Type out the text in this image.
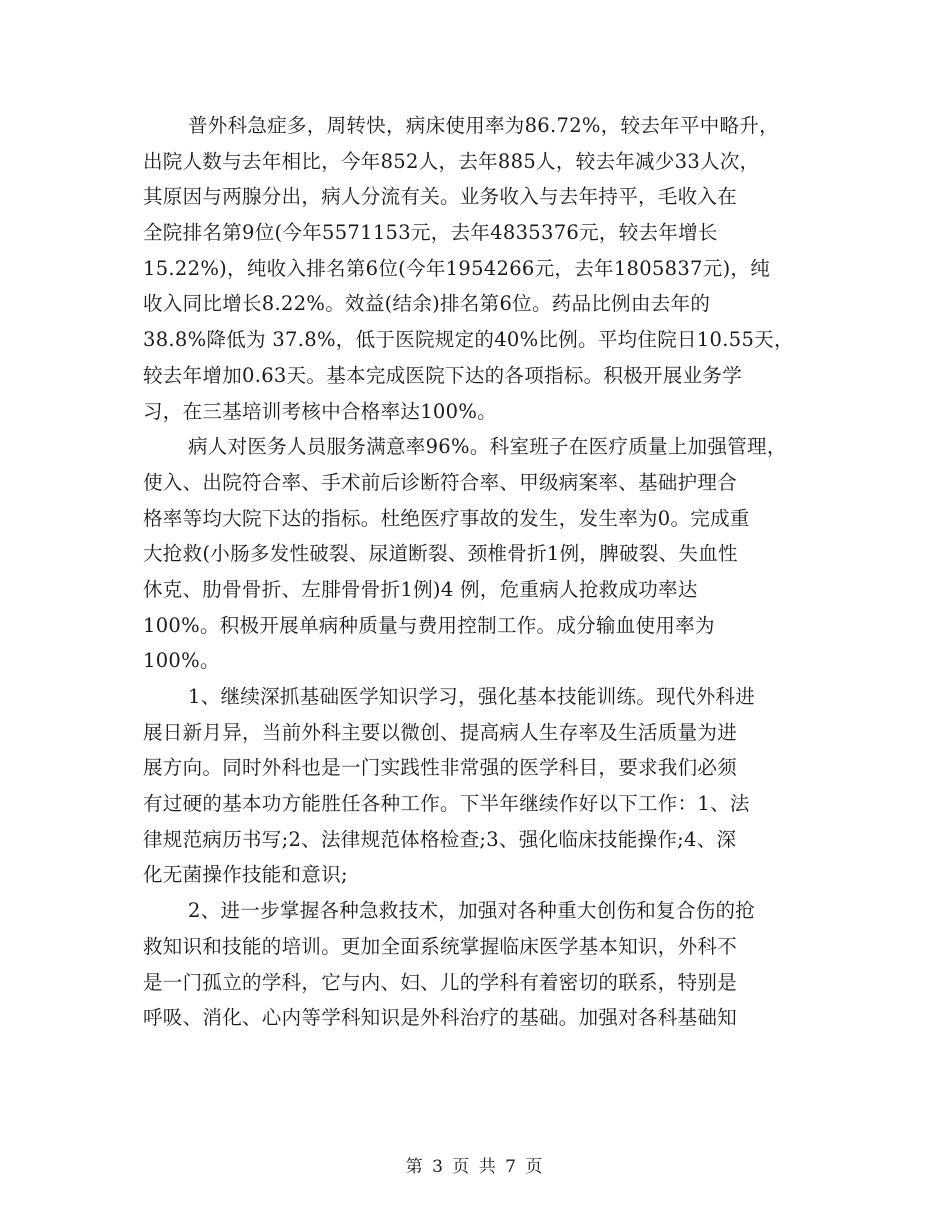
普外科急症多，周转快，病床使用率为86.72%，较去年平中略升，
出院人数与去年相比，今年852人，去年885人，较去年减少33人次，
其原因与两腺分出，病人分流有关。业务收入与去年持平，毛收入在
全院排名第9位(今年5571153元，去年4835376元，较去年增长
15.22%)，纯收入排名第6位(今年1954266元，去年1805837元)，纯
收入同比增长8.22%。效益(结余)排名第6位。药品比例由去年的
38.8%降低为 37.8%，低于医院规定的40%比例。平均住院日10.55天，
较去年增加0.63天。基本完成医院下达的各项指标。积极开展业务学
习，在三基培训考核中合格率达100%。
病人对医务人员服务满意率96%。科室班子在医疗质量上加强管理，
使入、出院符合率、手术前后诊断符合率、甲级病案率、基础护理合
格率等均大院下达的指标。杜绝医疗事故的发生，发生率为0。完成重
大抢救(小肠多发性破裂、尿道断裂、颈椎骨折1例，脾破裂、失血性
休克、肋骨骨折、左腓骨骨折1例)4 例，危重病人抢救成功率达
100%。积极开展单病种质量与费用控制工作。成分输血使用率为
100%。
1、继续深抓基础医学知识学习，强化基本技能训练。现代外科进
展日新月异，当前外科主要以微创、提高病人生存率及生活质量为进
展方向。同时外科也是一门实践性非常强的医学科目，要求我们必须
有过硬的基本功方能胜任各种工作。下半年继续作好以下工作：1、法
律规范病历书写;2、法律规范体格检查;3、强化临床技能操作;4、深
化无菌操作技能和意识;
2、进一步掌握各种急救技术，加强对各种重大创伤和复合伤的抢
救知识和技能的培训。更加全面系统掌握临床医学基本知识，外科不
是一门孤立的学科，它与内、妇、儿的学科有着密切的联系，特别是
呼吸、消化、心内等学科知识是外科治疗的基础。加强对各科基础知
第 3 页 共 7 页
